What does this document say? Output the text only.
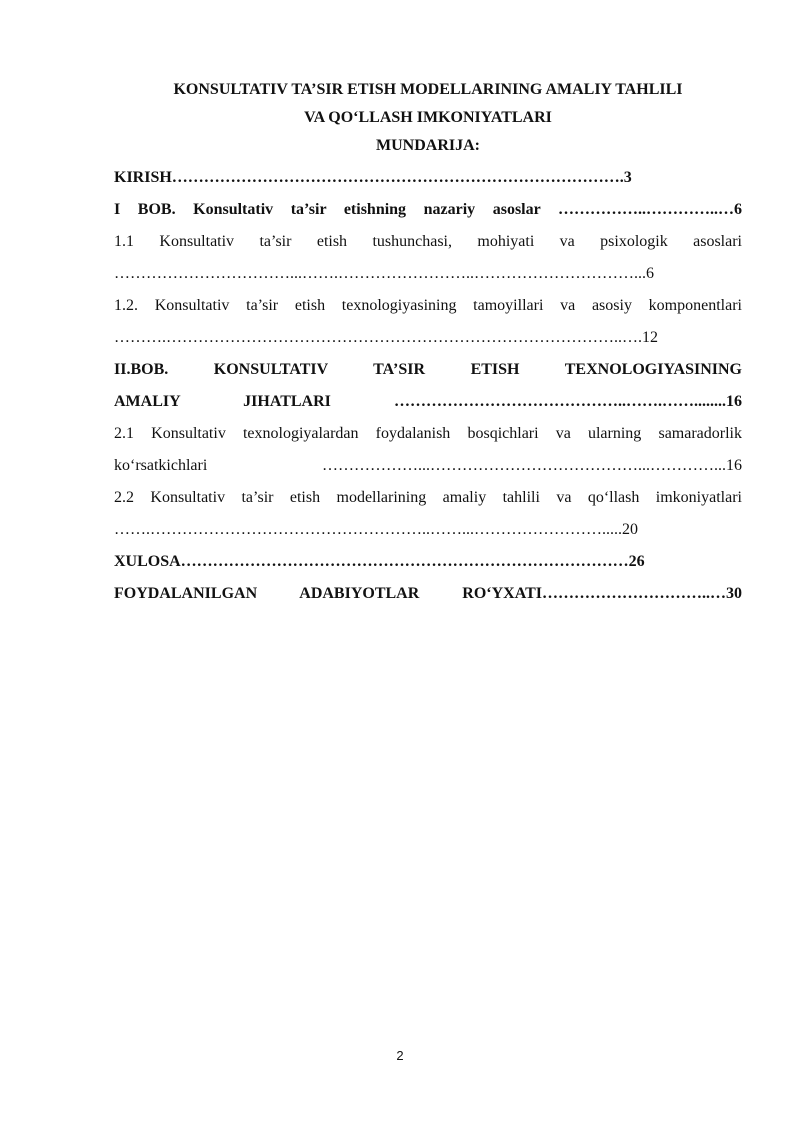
KONSULTATIV TA’SIR ETISH MODELLARINING AMALIY TAHLILI

VA QO‘LLASH IMKONIYATLARI

MUNDARIJA:

KIRISH………………………………………………………………………….3
I BOB. Konsultativ ta’sir etishning nazariy asoslar ……………..…………..…6
1.1 Konsultativ ta’sir etish tushunchasi, mohiyati va psixologik asoslari
……………………………...…….……………………..…………………………...6
1.2. Konsultativ ta’sir etish texnologiyasining tamoyillari va asosiy komponentlari
……….…………………………………………………………………………..….12
II.BOB. KONSULTATIV TA’SIR ETISH TEXNOLOGIYASINING
AMALIY JIHATLARI ……………………………………..…….……........16
2.1 Konsultativ texnologiyalardan foydalanish bosqichlari va ularning samaradorlik
ko‘rsatkichlari ………………...…………………………………...…………...16
2.2 Konsultativ ta’sir etish modellarining amaliy tahlili va qo‘llash imkoniyatlari
…….……………………………………………..……...…………………….....20
XULOSA…………………………………………………………………………26
FOYDALANILGAN ADABIYOTLAR RO‘YXATI…………………………..…30
2
